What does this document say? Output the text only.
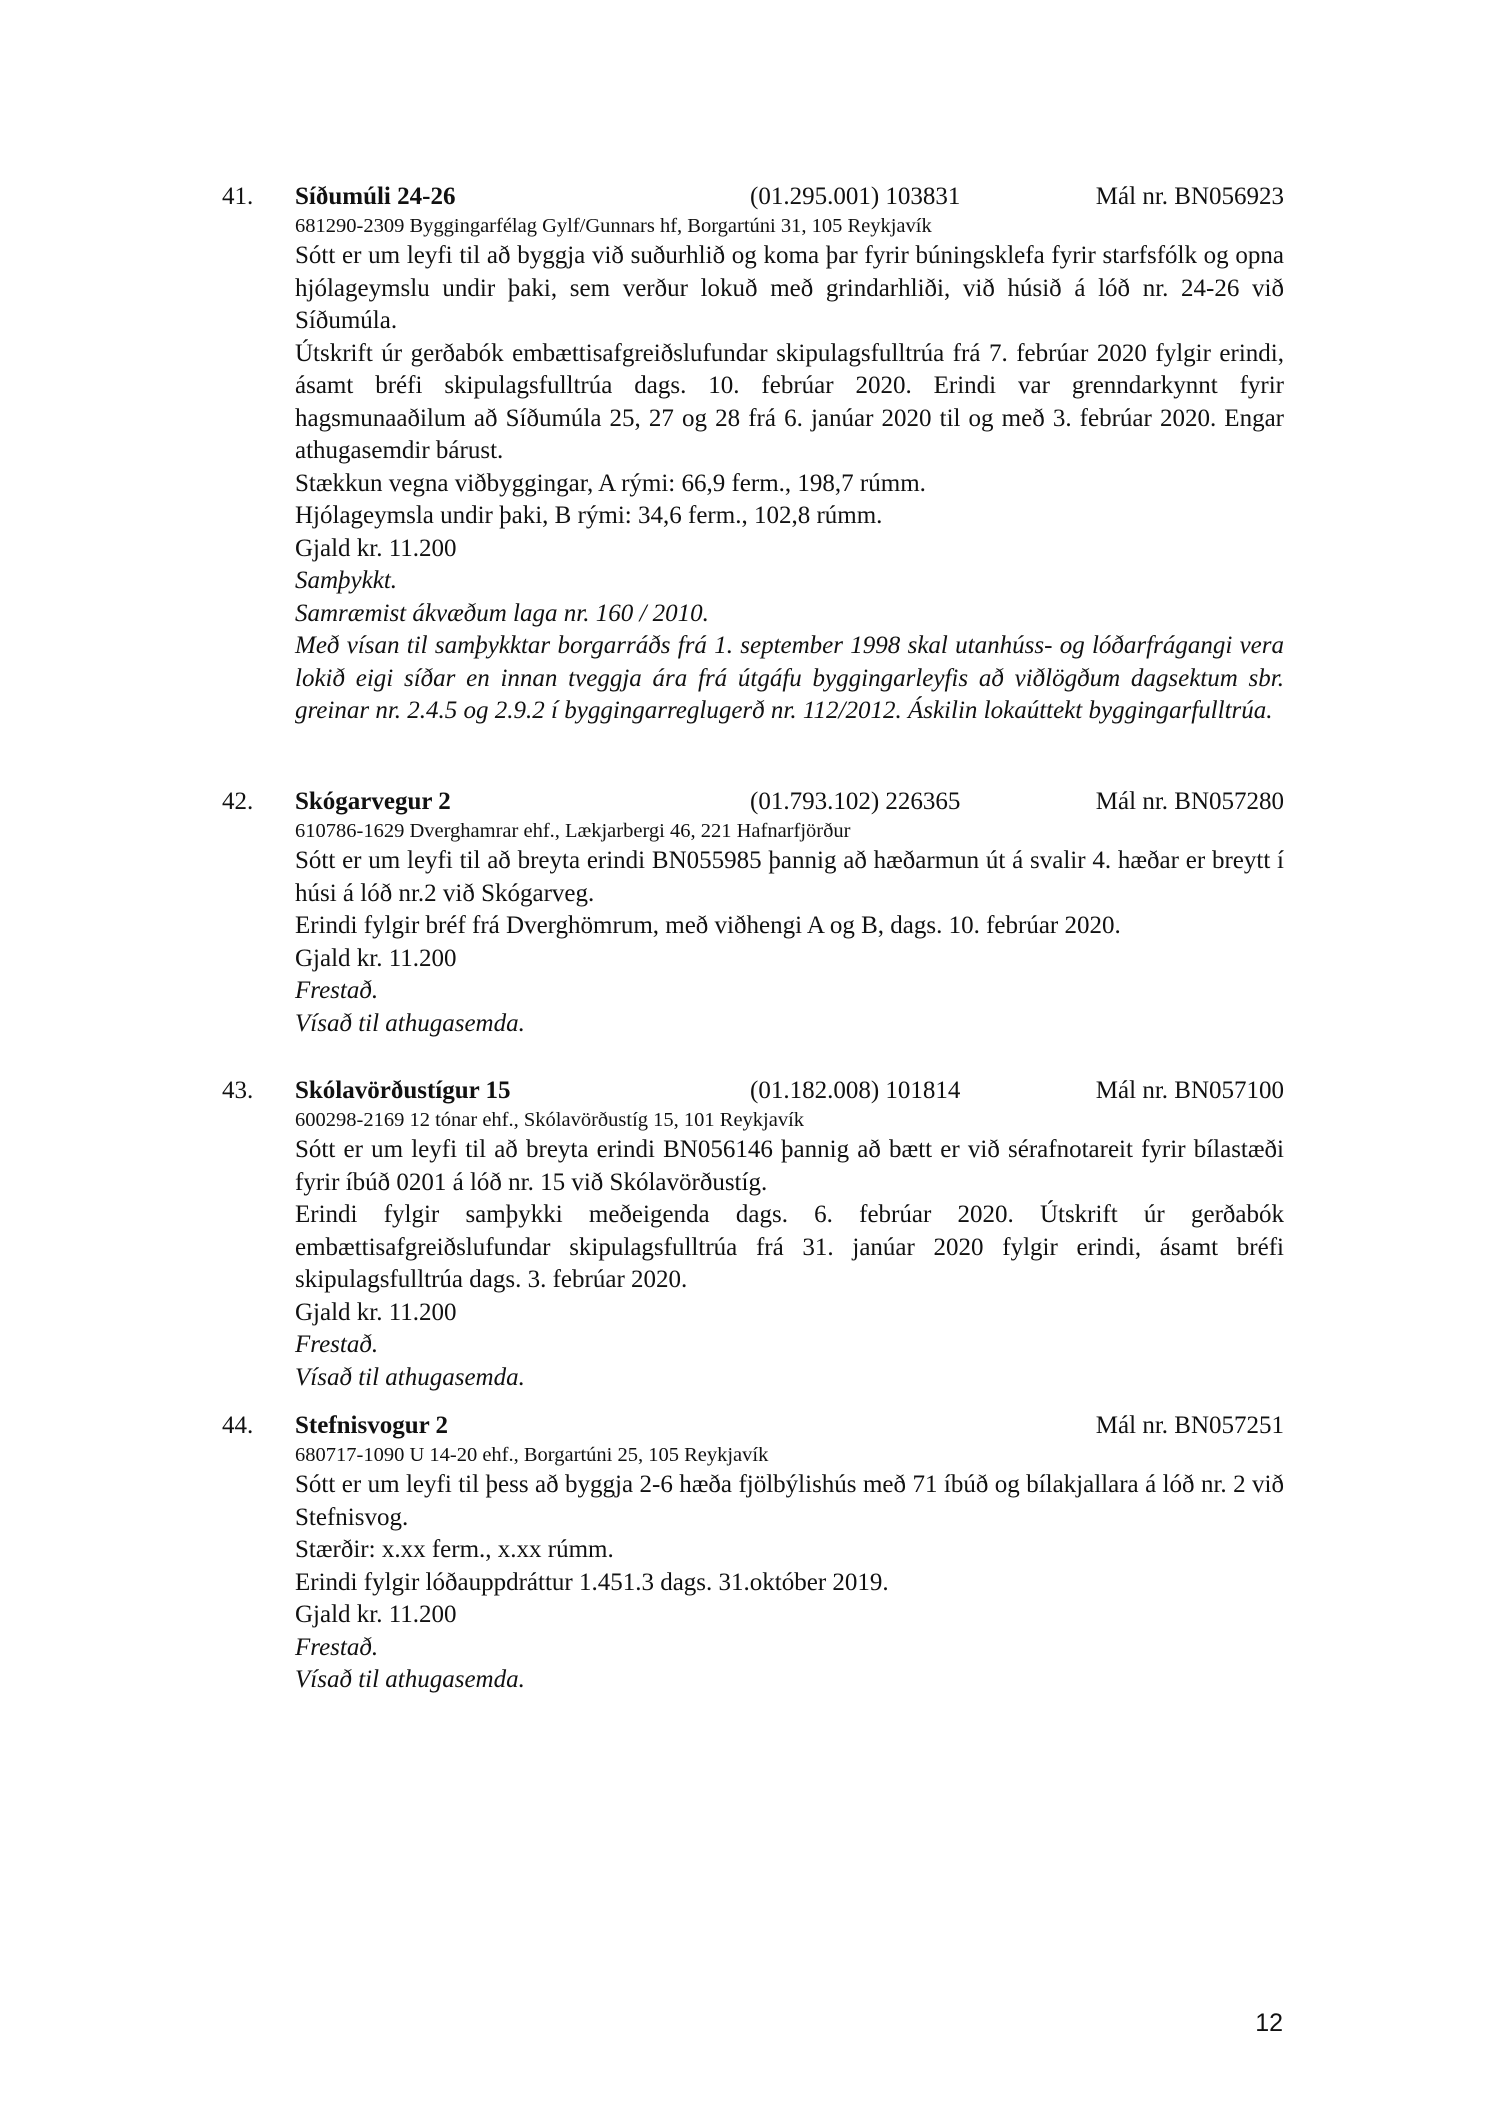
41. Síðumúli 24-26	(01.295.001) 103831	Mál nr. BN056923
681290-2309 Byggingarfélag Gylf/Gunnars hf, Borgartúni 31, 105 Reykjavík

Sótt er um leyfi til að byggja við suðurhlið og koma þar fyrir búningsklefa fyrir starfsfólk og opna hjólageymslu undir þaki, sem verður lokuð með grindarhliði, við húsið á lóð nr. 24-26 við Síðumúla.

Útskrift úr gerðabók embættisafgreiðslufundar skipulagsfulltrúa frá 7. febrúar 2020 fylgir erindi, ásamt bréfi skipulagsfulltrúa dags. 10. febrúar 2020. Erindi var grenndarkynnt fyrir hagsmunaaðilum að Síðumúla 25, 27 og 28 frá 6. janúar 2020 til og með 3. febrúar 2020. Engar athugasemdir bárust.

Stækkun vegna viðbyggingar, A rými: 66,9 ferm., 198,7 rúmm.

Hjólageymsla undir þaki, B rými: 34,6 ferm., 102,8 rúmm.

Gjald kr. 11.200

Samþykkt.

Samræmist ákvæðum laga nr. 160 / 2010.

Með vísan til samþykktar borgarráðs frá 1. september 1998 skal utanhúss- og lóðarfrágangi vera lokið eigi síðar en innan tveggja ára frá útgáfu byggingarleyfis að viðlögðum dagsektum sbr. greinar nr. 2.4.5 og 2.9.2 í byggingarreglugerð nr. 112/2012. Áskilin lokaúttekt byggingarfulltrúa.

42. Skógarvegur 2	(01.793.102) 226365	Mál nr. BN057280
610786-1629 Dverghamrar ehf., Lækjarbergi 46, 221 Hafnarfjörður

Sótt er um leyfi til að breyta erindi BN055985 þannig að hæðarmun út á svalir 4. hæðar er breytt í húsi á lóð nr.2 við Skógarveg.

Erindi fylgir bréf frá Dverghömrum, með viðhengi A og B, dags. 10. febrúar 2020.

Gjald kr. 11.200

Frestað.

Vísað til athugasemda.

43. Skólavörðustígur 15	(01.182.008) 101814	Mál nr. BN057100
600298-2169 12 tónar ehf., Skólavörðustíg 15, 101 Reykjavík

Sótt er um leyfi til að breyta erindi BN056146 þannig að bætt er við sérafnotareit fyrir bílastæði fyrir íbúð 0201 á lóð nr. 15 við Skólavörðustíg.

Erindi fylgir samþykki meðeigenda dags. 6. febrúar 2020. Útskrift úr gerðabók embættisafgreiðslufundar skipulagsfulltrúa frá 31. janúar 2020 fylgir erindi, ásamt bréfi skipulagsfulltrúa dags. 3. febrúar 2020.

Gjald kr. 11.200

Frestað.

Vísað til athugasemda.

44. Stefnisvogur 2	Mál nr. BN057251
680717-1090 U 14-20 ehf., Borgartúni 25, 105 Reykjavík

Sótt er um leyfi til þess að byggja 2-6 hæða fjölbýlishús með 71 íbúð og bílakjallara á lóð nr. 2 við Stefnisvog.

Stærðir: x.xx ferm., x.xx rúmm.

Erindi fylgir lóðauppdráttur 1.451.3 dags. 31.október 2019.

Gjald kr. 11.200

Frestað.

Vísað til athugasemda.

12
